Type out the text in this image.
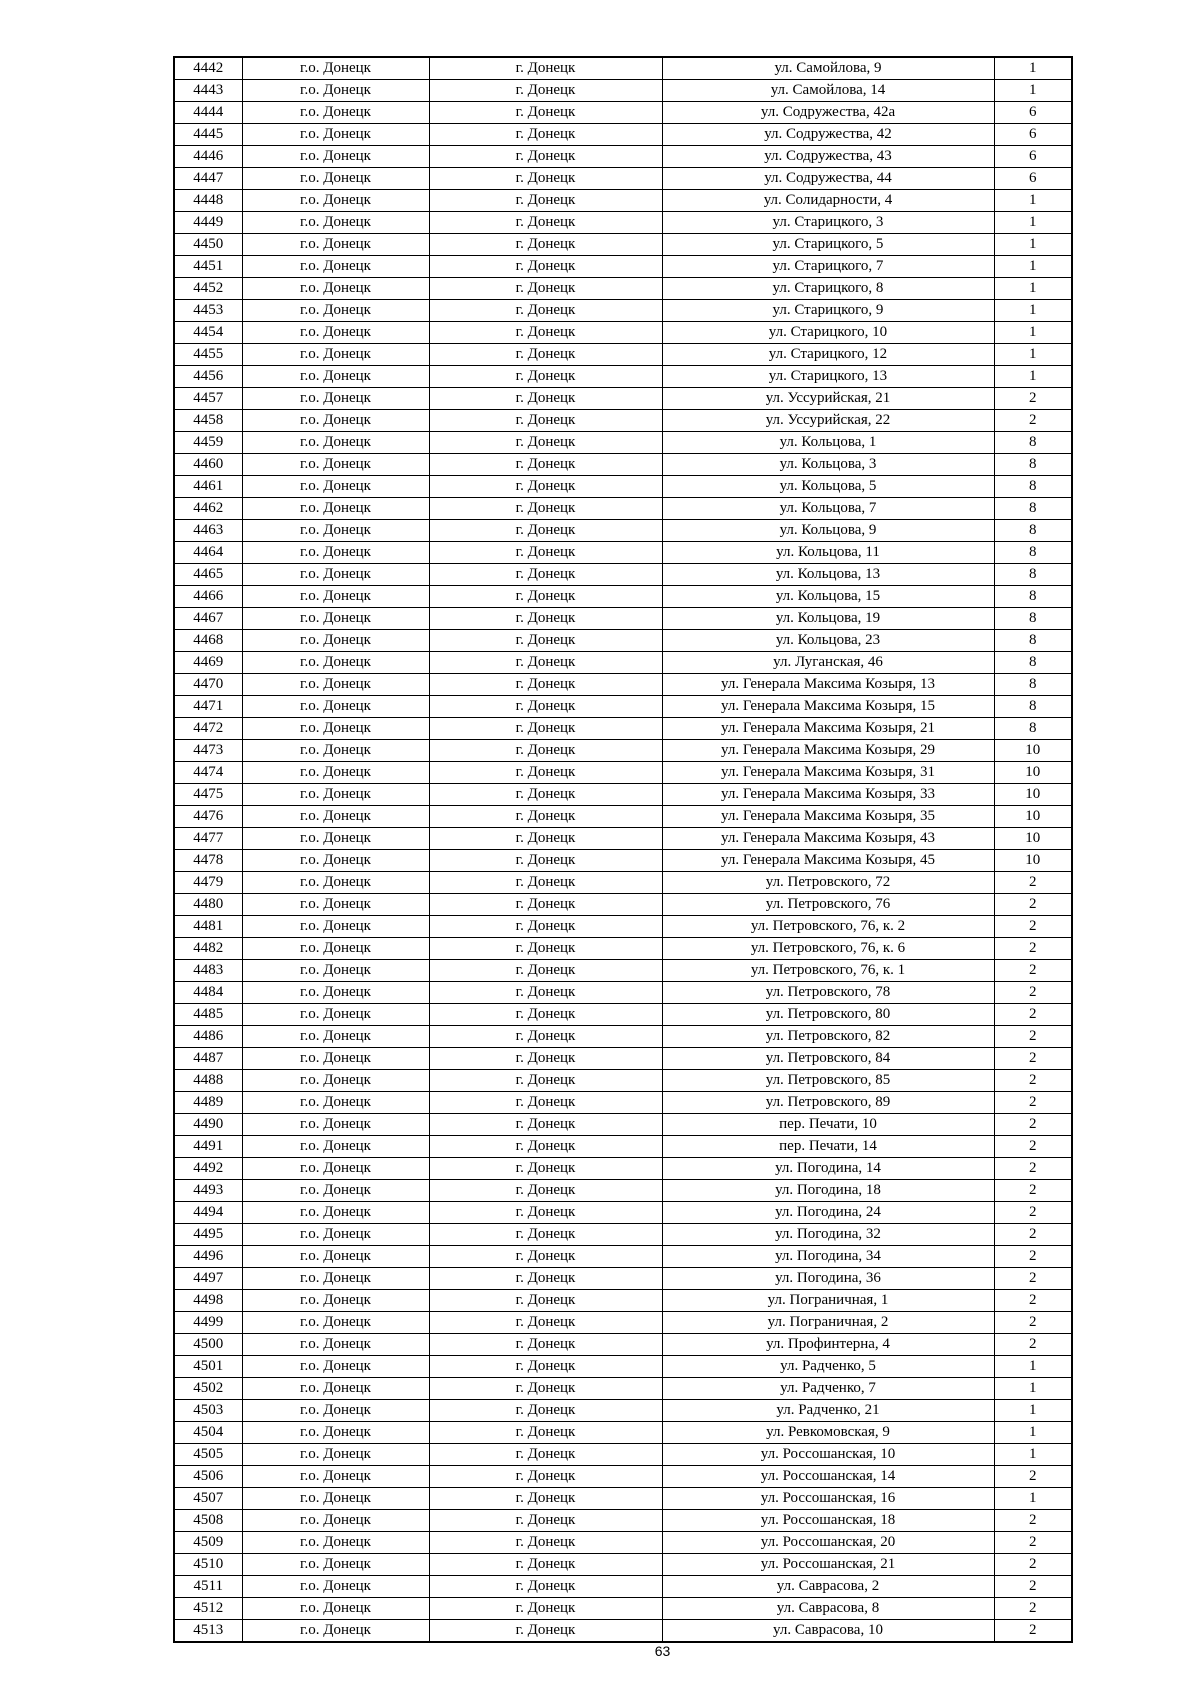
4442	г.о. Донецк	г. Донецк	ул. Самойлова, 9	1
4443	г.о. Донецк	г. Донецк	ул. Самойлова, 14	1
4444	г.о. Донецк	г. Донецк	ул. Содружества, 42а	6
4445	г.о. Донецк	г. Донецк	ул. Содружества, 42	6
4446	г.о. Донецк	г. Донецк	ул. Содружества, 43	6
4447	г.о. Донецк	г. Донецк	ул. Содружества, 44	6
4448	г.о. Донецк	г. Донецк	ул. Солидарности, 4	1
4449	г.о. Донецк	г. Донецк	ул. Старицкого, 3	1
4450	г.о. Донецк	г. Донецк	ул. Старицкого, 5	1
4451	г.о. Донецк	г. Донецк	ул. Старицкого, 7	1
4452	г.о. Донецк	г. Донецк	ул. Старицкого, 8	1
4453	г.о. Донецк	г. Донецк	ул. Старицкого, 9	1
4454	г.о. Донецк	г. Донецк	ул. Старицкого, 10	1
4455	г.о. Донецк	г. Донецк	ул. Старицкого, 12	1
4456	г.о. Донецк	г. Донецк	ул. Старицкого, 13	1
4457	г.о. Донецк	г. Донецк	ул. Уссурийская, 21	2
4458	г.о. Донецк	г. Донецк	ул. Уссурийская, 22	2
4459	г.о. Донецк	г. Донецк	ул. Кольцова, 1	8
4460	г.о. Донецк	г. Донецк	ул. Кольцова, 3	8
4461	г.о. Донецк	г. Донецк	ул. Кольцова, 5	8
4462	г.о. Донецк	г. Донецк	ул. Кольцова, 7	8
4463	г.о. Донецк	г. Донецк	ул. Кольцова, 9	8
4464	г.о. Донецк	г. Донецк	ул. Кольцова, 11	8
4465	г.о. Донецк	г. Донецк	ул. Кольцова, 13	8
4466	г.о. Донецк	г. Донецк	ул. Кольцова, 15	8
4467	г.о. Донецк	г. Донецк	ул. Кольцова, 19	8
4468	г.о. Донецк	г. Донецк	ул. Кольцова, 23	8
4469	г.о. Донецк	г. Донецк	ул. Луганская, 46	8
4470	г.о. Донецк	г. Донецк	ул. Генерала Максима Козыря, 13	8
4471	г.о. Донецк	г. Донецк	ул. Генерала Максима Козыря, 15	8
4472	г.о. Донецк	г. Донецк	ул. Генерала Максима Козыря, 21	8
4473	г.о. Донецк	г. Донецк	ул. Генерала Максима Козыря, 29	10
4474	г.о. Донецк	г. Донецк	ул. Генерала Максима Козыря, 31	10
4475	г.о. Донецк	г. Донецк	ул. Генерала Максима Козыря, 33	10
4476	г.о. Донецк	г. Донецк	ул. Генерала Максима Козыря, 35	10
4477	г.о. Донецк	г. Донецк	ул. Генерала Максима Козыря, 43	10
4478	г.о. Донецк	г. Донецк	ул. Генерала Максима Козыря, 45	10
4479	г.о. Донецк	г. Донецк	ул. Петровского, 72	2
4480	г.о. Донецк	г. Донецк	ул. Петровского, 76	2
4481	г.о. Донецк	г. Донецк	ул. Петровского, 76, к. 2	2
4482	г.о. Донецк	г. Донецк	ул. Петровского, 76, к. 6	2
4483	г.о. Донецк	г. Донецк	ул. Петровского, 76, к. 1	2
4484	г.о. Донецк	г. Донецк	ул. Петровского, 78	2
4485	г.о. Донецк	г. Донецк	ул. Петровского, 80	2
4486	г.о. Донецк	г. Донецк	ул. Петровского, 82	2
4487	г.о. Донецк	г. Донецк	ул. Петровского, 84	2
4488	г.о. Донецк	г. Донецк	ул. Петровского, 85	2
4489	г.о. Донецк	г. Донецк	ул. Петровского, 89	2
4490	г.о. Донецк	г. Донецк	пер. Печати, 10	2
4491	г.о. Донецк	г. Донецк	пер. Печати, 14	2
4492	г.о. Донецк	г. Донецк	ул. Погодина, 14	2
4493	г.о. Донецк	г. Донецк	ул. Погодина, 18	2
4494	г.о. Донецк	г. Донецк	ул. Погодина, 24	2
4495	г.о. Донецк	г. Донецк	ул. Погодина, 32	2
4496	г.о. Донецк	г. Донецк	ул. Погодина, 34	2
4497	г.о. Донецк	г. Донецк	ул. Погодина, 36	2
4498	г.о. Донецк	г. Донецк	ул. Пограничная, 1	2
4499	г.о. Донецк	г. Донецк	ул. Пограничная, 2	2
4500	г.о. Донецк	г. Донецк	ул. Профинтерна, 4	2
4501	г.о. Донецк	г. Донецк	ул. Радченко, 5	1
4502	г.о. Донецк	г. Донецк	ул. Радченко, 7	1
4503	г.о. Донецк	г. Донецк	ул. Радченко, 21	1
4504	г.о. Донецк	г. Донецк	ул. Ревкомовская, 9	1
4505	г.о. Донецк	г. Донецк	ул. Россошанская, 10	1
4506	г.о. Донецк	г. Донецк	ул. Россошанская, 14	2
4507	г.о. Донецк	г. Донецк	ул. Россошанская, 16	1
4508	г.о. Донецк	г. Донецк	ул. Россошанская, 18	2
4509	г.о. Донецк	г. Донецк	ул. Россошанская, 20	2
4510	г.о. Донецк	г. Донецк	ул. Россошанская, 21	2
4511	г.о. Донецк	г. Донецк	ул. Саврасова, 2	2
4512	г.о. Донецк	г. Донецк	ул. Саврасова, 8	2
4513	г.о. Донецк	г. Донецк	ул. Саврасова, 10	2
63
